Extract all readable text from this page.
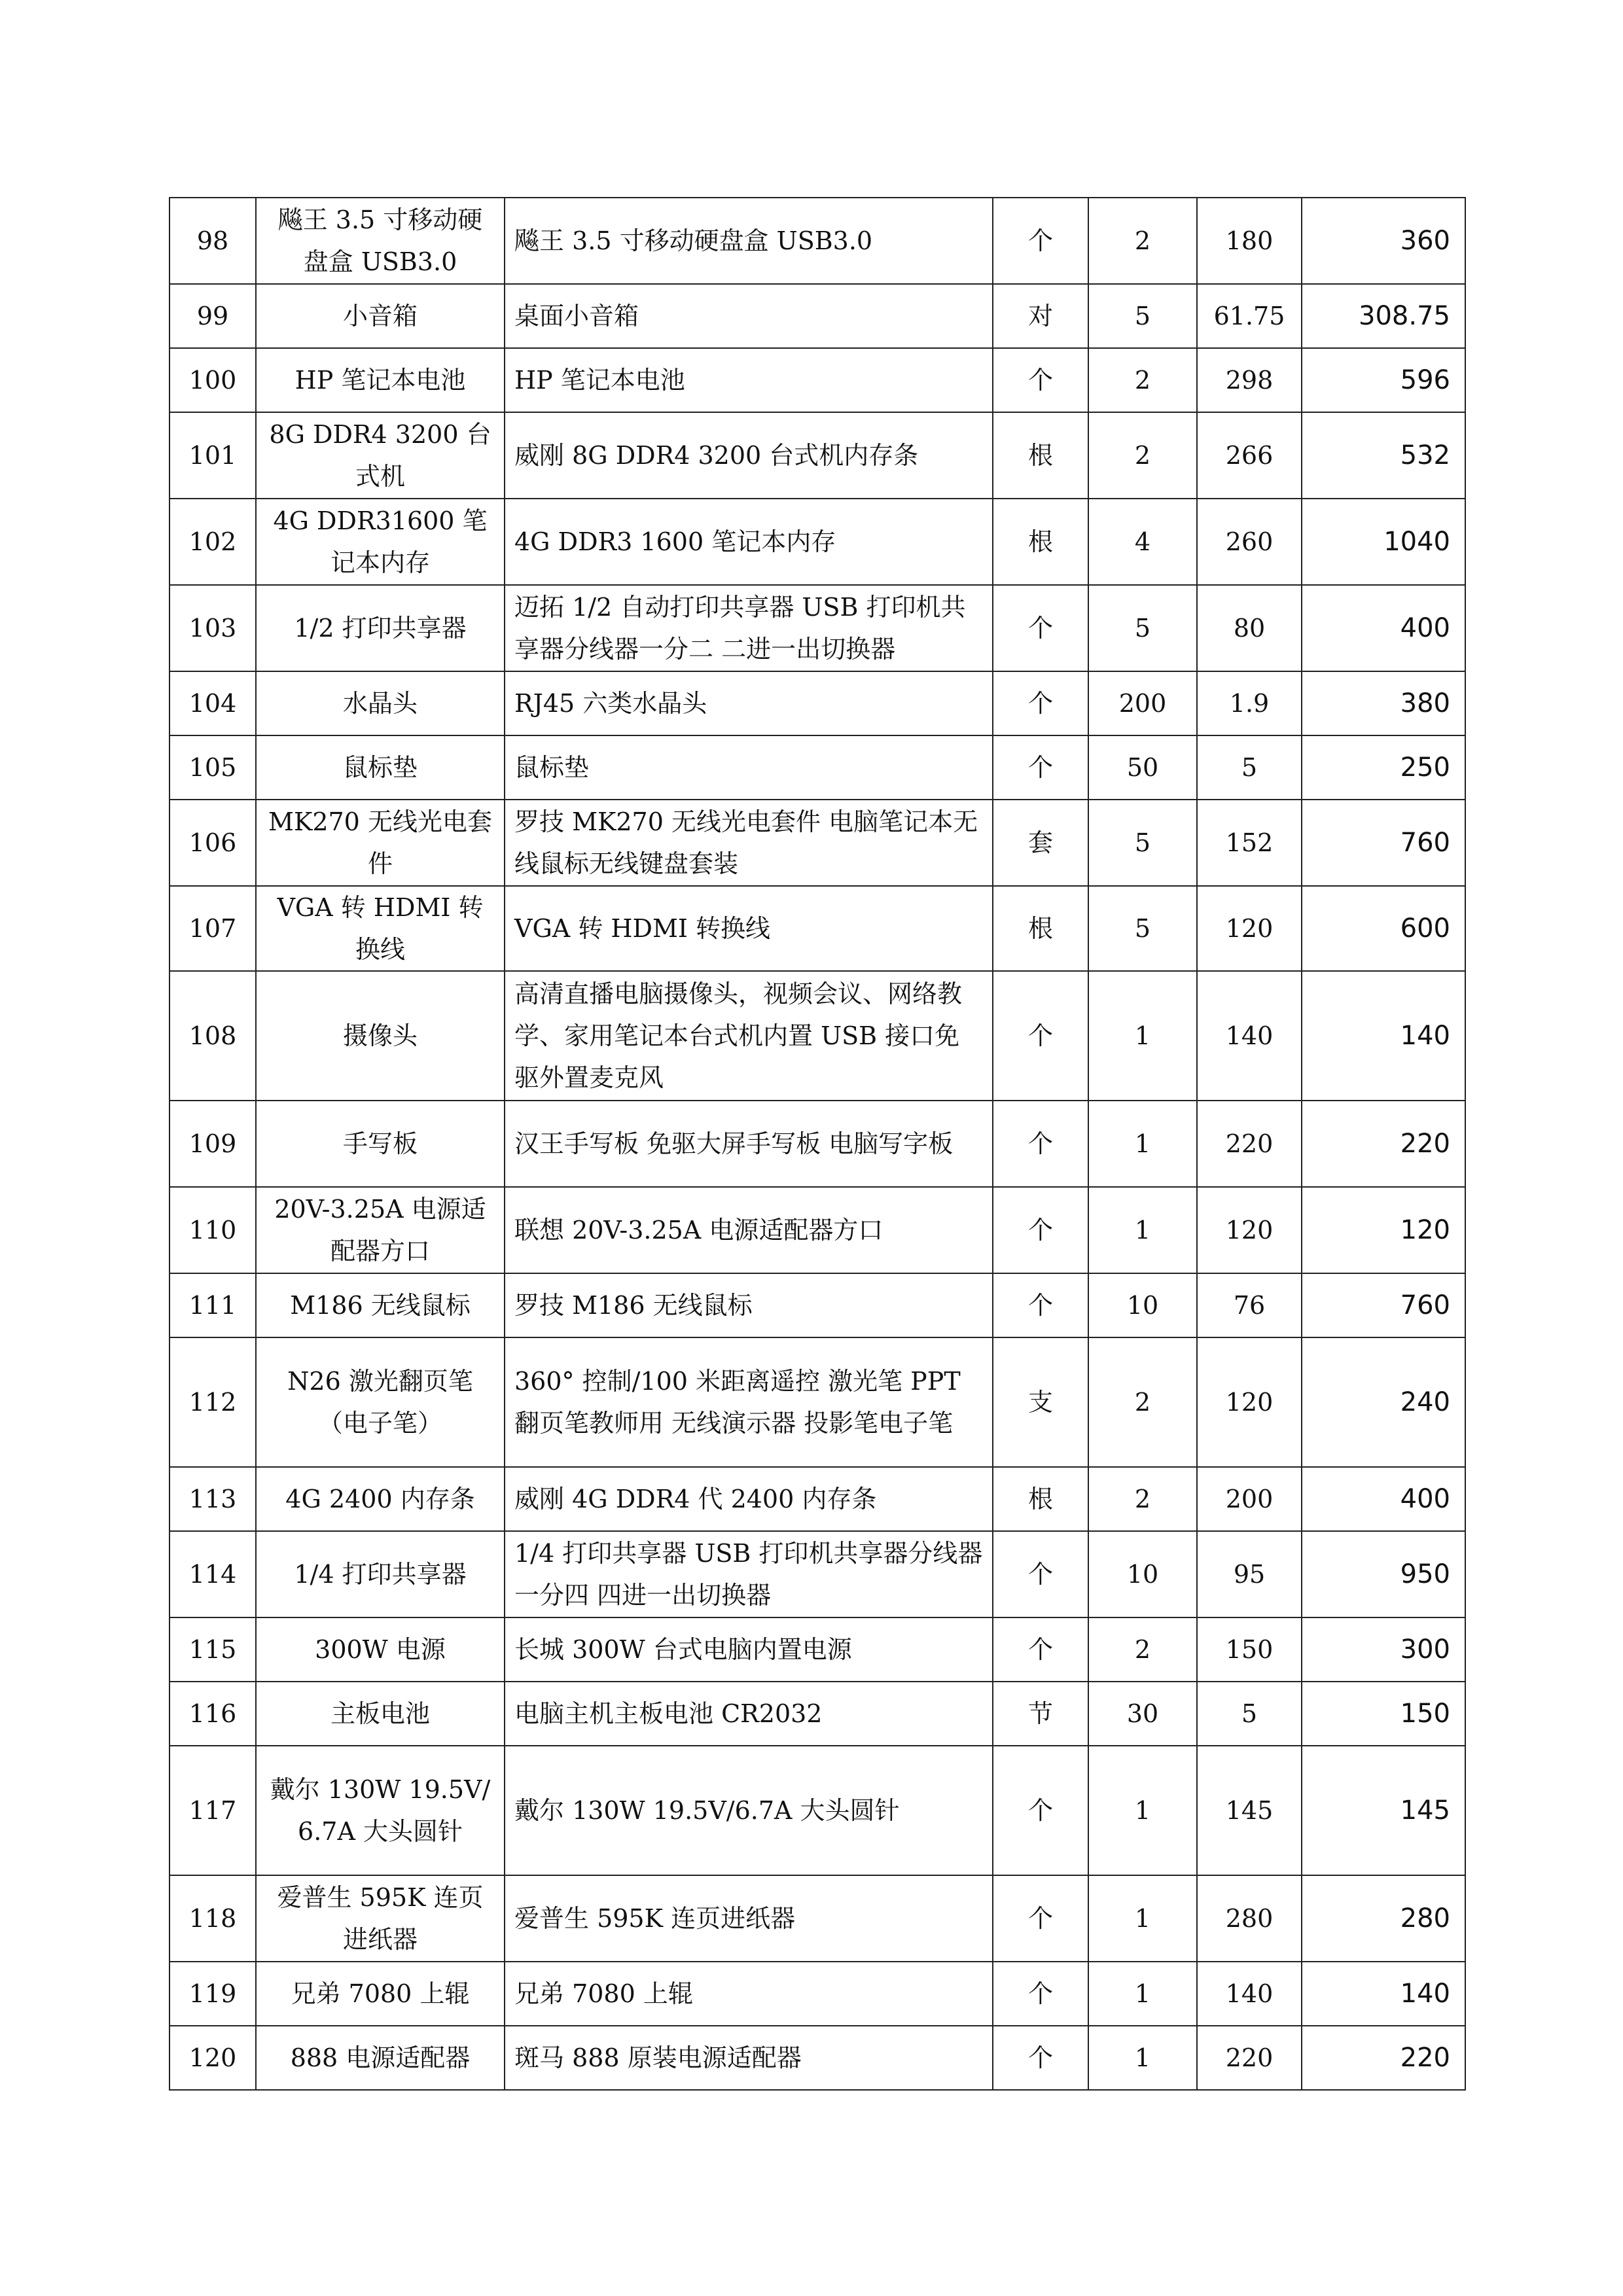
98	飚王 3.5 寸移动硬盘盒 USB3.0	飚王 3.5 寸移动硬盘盒 USB3.0	个	2	180	360
99	小音箱	桌面小音箱	对	5	61.75	308.75
100	HP 笔记本电池	HP 笔记本电池	个	2	298	596
101	8G DDR4 3200 台式机	威刚 8G DDR4 3200 台式机内存条	根	2	266	532
102	4G DDR31600 笔记本内存	4G DDR3 1600 笔记本内存	根	4	260	1040
103	1/2 打印共享器	迈拓 1/2 自动打印共享器 USB 打印机共享器分线器一分二 二进一出切换器	个	5	80	400
104	水晶头	RJ45 六类水晶头	个	200	1.9	380
105	鼠标垫	鼠标垫	个	50	5	250
106	MK270 无线光电套件	罗技 MK270 无线光电套件 电脑笔记本无线鼠标无线键盘套装	套	5	152	760
107	VGA 转 HDMI 转换线	VGA 转 HDMI 转换线	根	5	120	600
108	摄像头	高清直播电脑摄像头，视频会议、网络教学、家用笔记本台式机内置 USB 接口免驱外置麦克风	个	1	140	140
109	手写板	汉王手写板 免驱大屏手写板 电脑写字板	个	1	220	220
110	20V-3.25A 电源适配器方口	联想 20V-3.25A 电源适配器方口	个	1	120	120
111	M186 无线鼠标	罗技 M186 无线鼠标	个	10	76	760
112	N26 激光翻页笔（电子笔）	360° 控制/100 米距离遥控 激光笔 PPT 翻页笔教师用 无线演示器 投影笔电子笔	支	2	120	240
113	4G 2400 内存条	威刚 4G DDR4 代 2400 内存条	根	2	200	400
114	1/4 打印共享器	1/4 打印共享器 USB 打印机共享器分线器一分四 四进一出切换器	个	10	95	950
115	300W 电源	长城 300W 台式电脑内置电源	个	2	150	300
116	主板电池	电脑主机主板电池 CR2032	节	30	5	150
117	戴尔 130W 19.5V/6.7A 大头圆针	戴尔 130W 19.5V/6.7A 大头圆针	个	1	145	145
118	爱普生 595K 连页进纸器	爱普生 595K 连页进纸器	个	1	280	280
119	兄弟 7080 上辊	兄弟 7080 上辊	个	1	140	140
120	888 电源适配器	斑马 888 原装电源适配器	个	1	220	220
